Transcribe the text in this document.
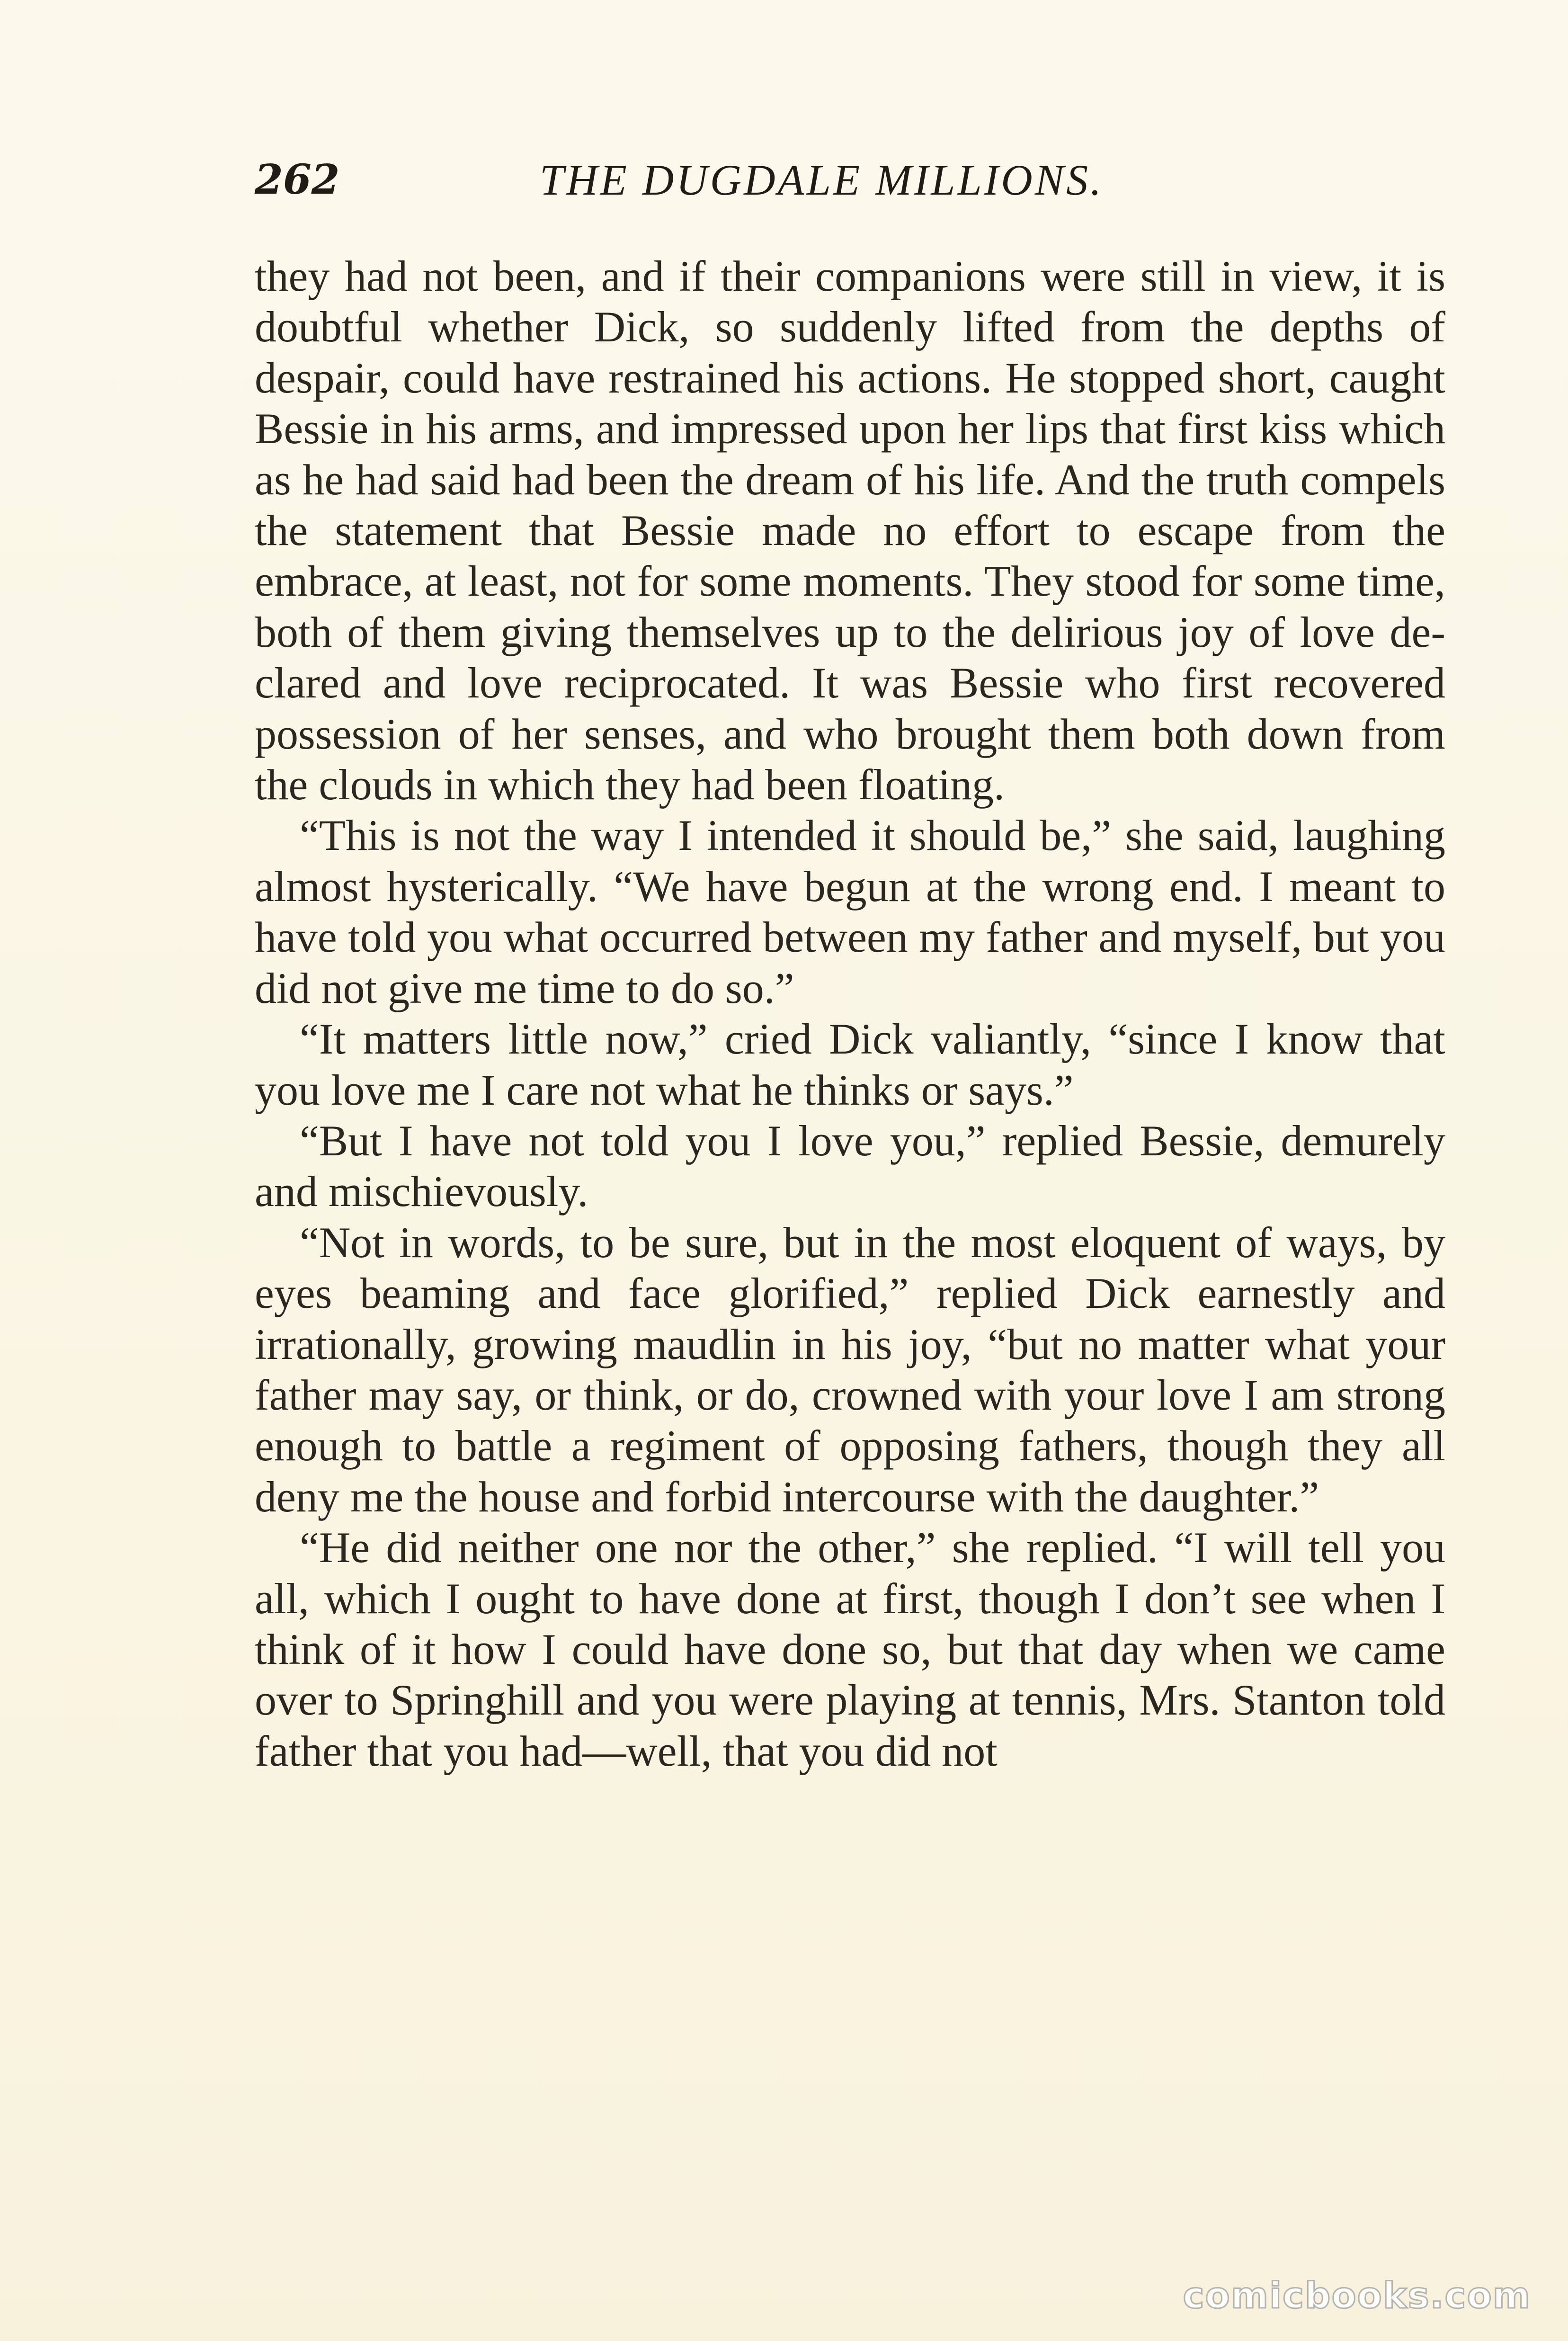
262	THE DUGDALE MILLIONS.

they had not been, and if their companions were still in view, it is doubtful whether Dick, so suddenly lifted from the depths of despair, could have restrained his actions. He stopped short, caught Bessie in his arms, and impressed upon her lips that first kiss which as he had said had been the dream of his life. And the truth compels the statement that Bessie made no effort to escape from the embrace, at least, not for some moments. They stood for some time, both of them giving themselves up to the delirious joy of love declared and love reciprocated. It was Bessie who first recovered possession of her senses, and who brought them both down from the clouds in which they had been floating.

“This is not the way I intended it should be,” she said, laughing almost hysterically. “We have begun at the wrong end. I meant to have told you what occurred between my father and myself, but you did not give me time to do so.”

“It matters little now,” cried Dick valiantly, “since I know that you love me I care not what he thinks or says.”

“But I have not told you I love you,” replied Bessie, demurely and mischievously.

“Not in words, to be sure, but in the most eloquent of ways, by eyes beaming and face glorified,” replied Dick earnestly and irrationally, growing maudlin in his joy, “but no matter what your father may say, or think, or do, crowned with your love I am strong enough to battle a regiment of opposing fathers, though they all deny me the house and forbid intercourse with the daughter.”

“He did neither one nor the other,” she replied. “I will tell you all, which I ought to have done at first, though I don’t see when I think of it how I could have done so, but that day when we came over to Springhill and you were playing at tennis, Mrs. Stanton told father that you had—well, that you did not

comicbooks.com
